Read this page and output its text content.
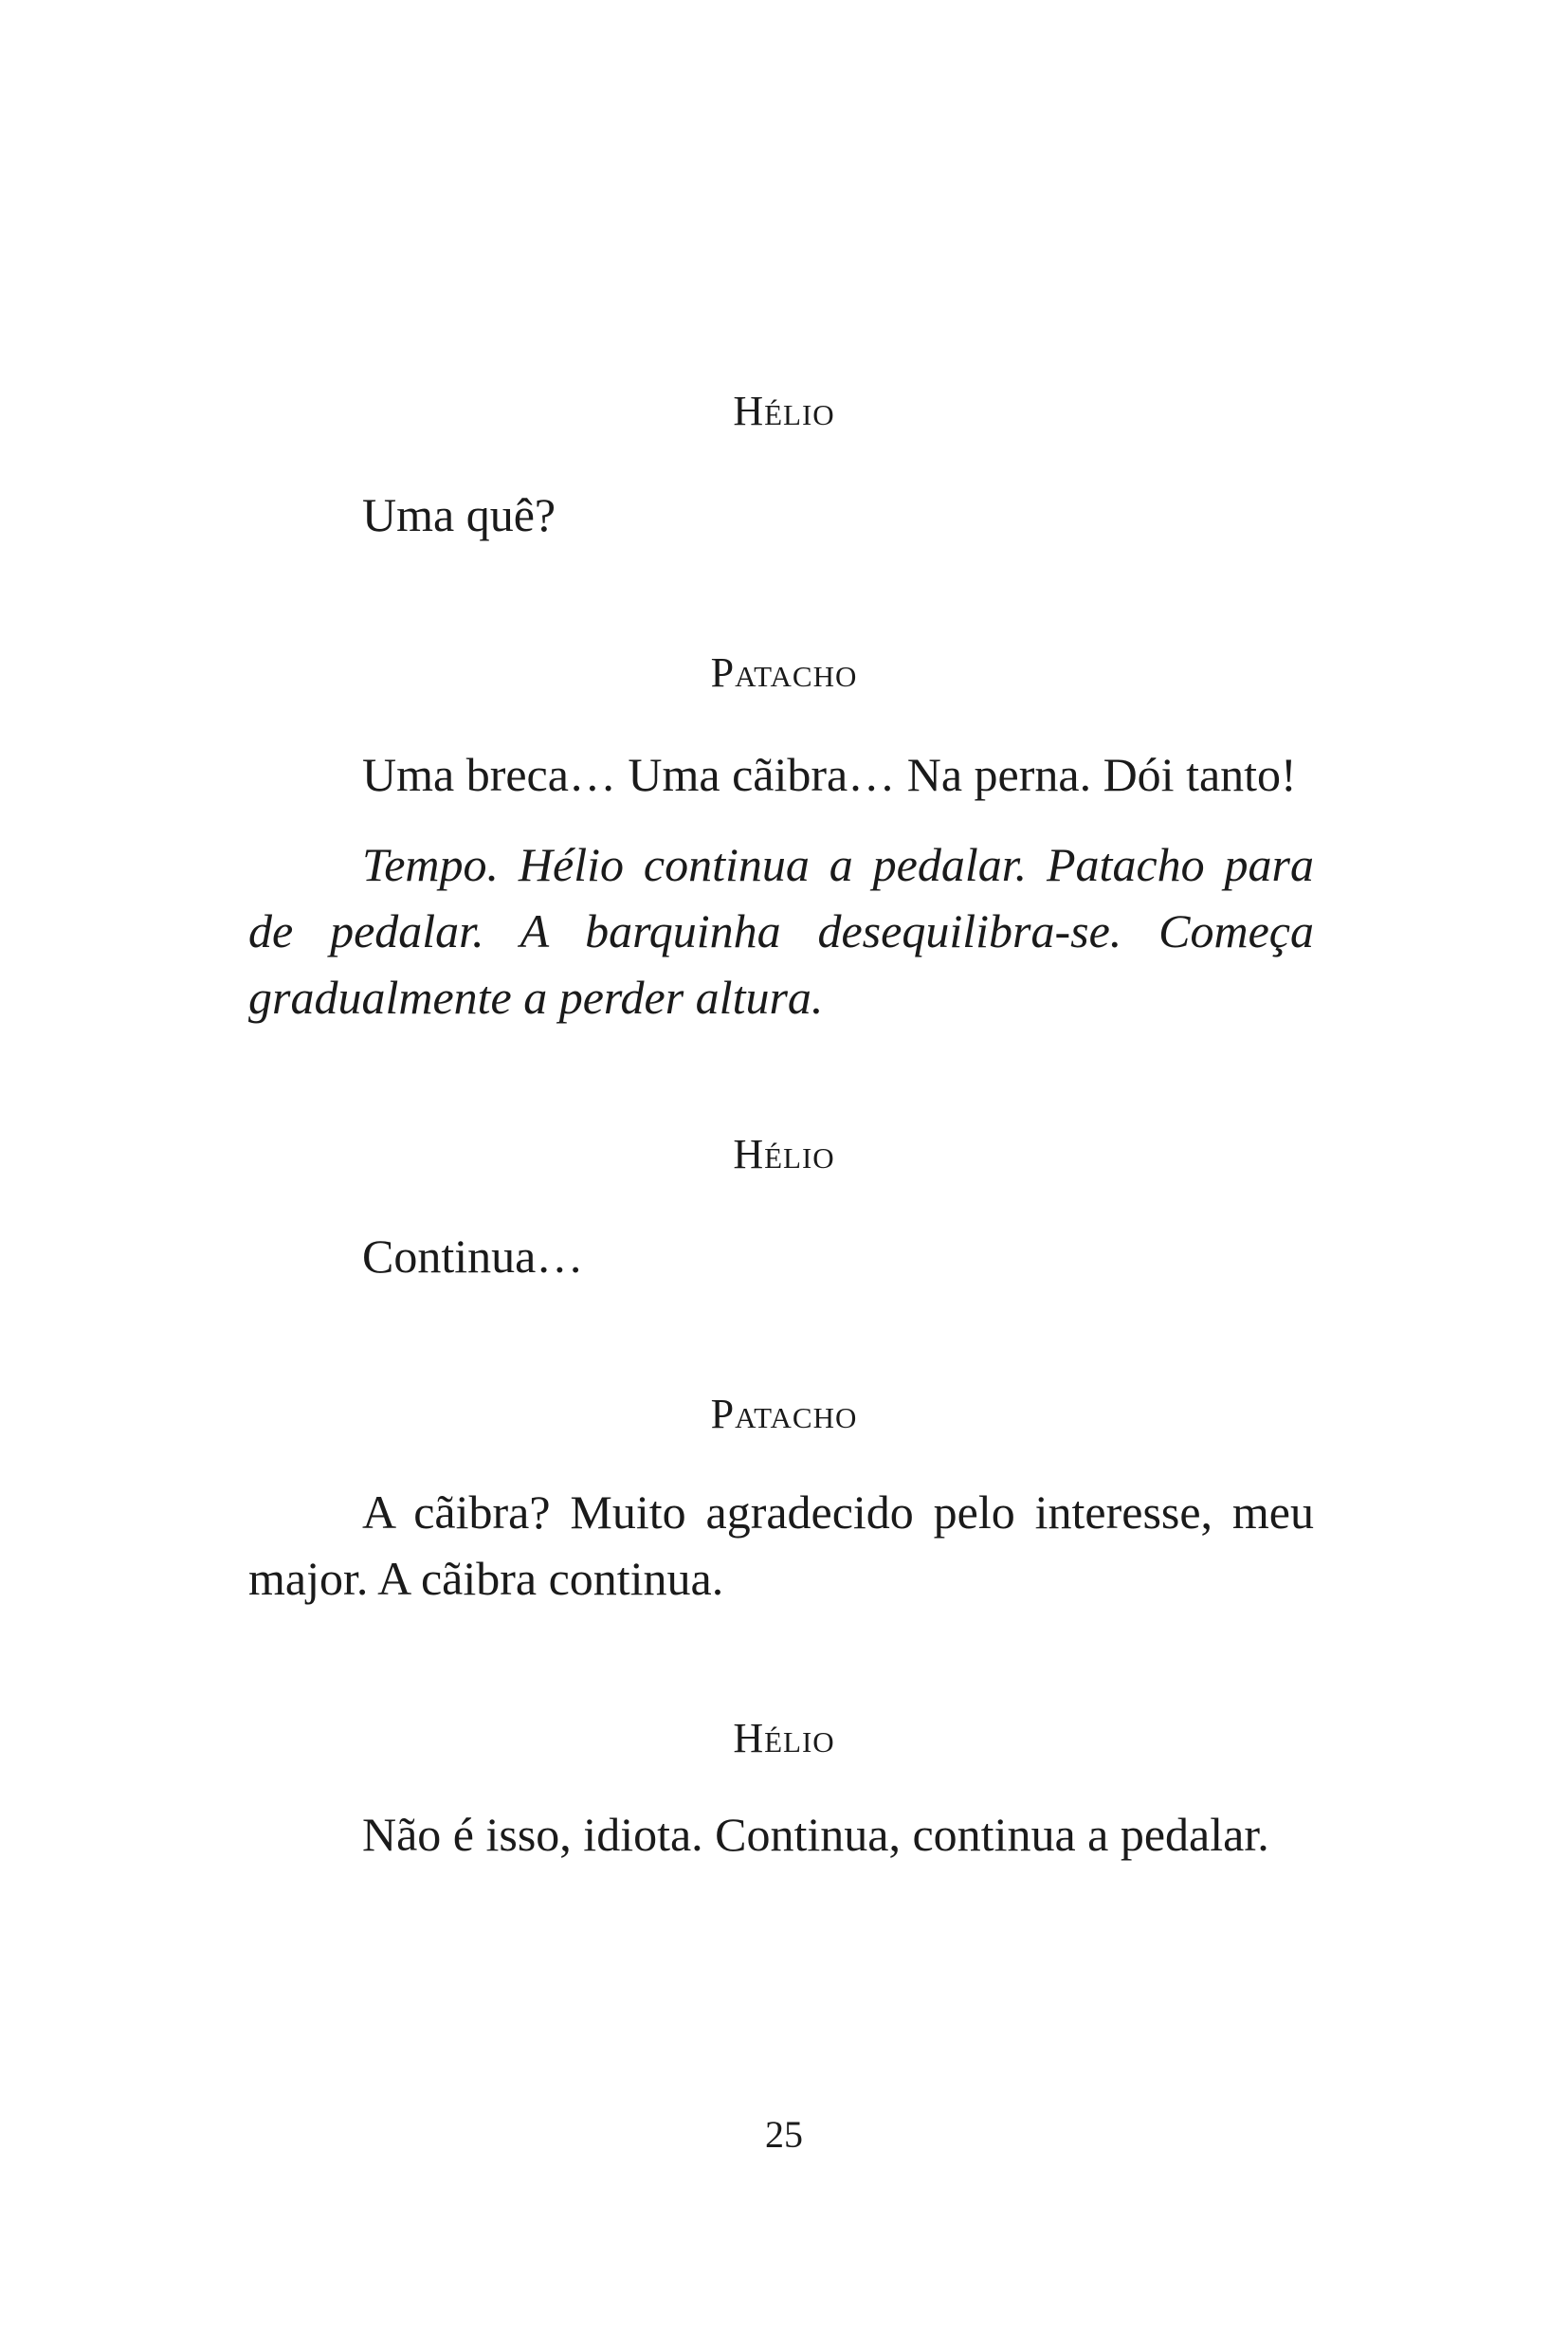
Hélio
Uma quê?
Patacho
Uma breca… Uma cãibra… Na perna. Dói tanto!
Tempo. Hélio continua a pedalar. Patacho para de pedalar. A barquinha desequilibra-se. Começa gradualmente a perder altura.
Hélio
Continua…
Patacho
A cãibra? Muito agradecido pelo interesse, meu major. A cãibra continua.
Hélio
Não é isso, idiota. Continua, continua a pedalar.
25
